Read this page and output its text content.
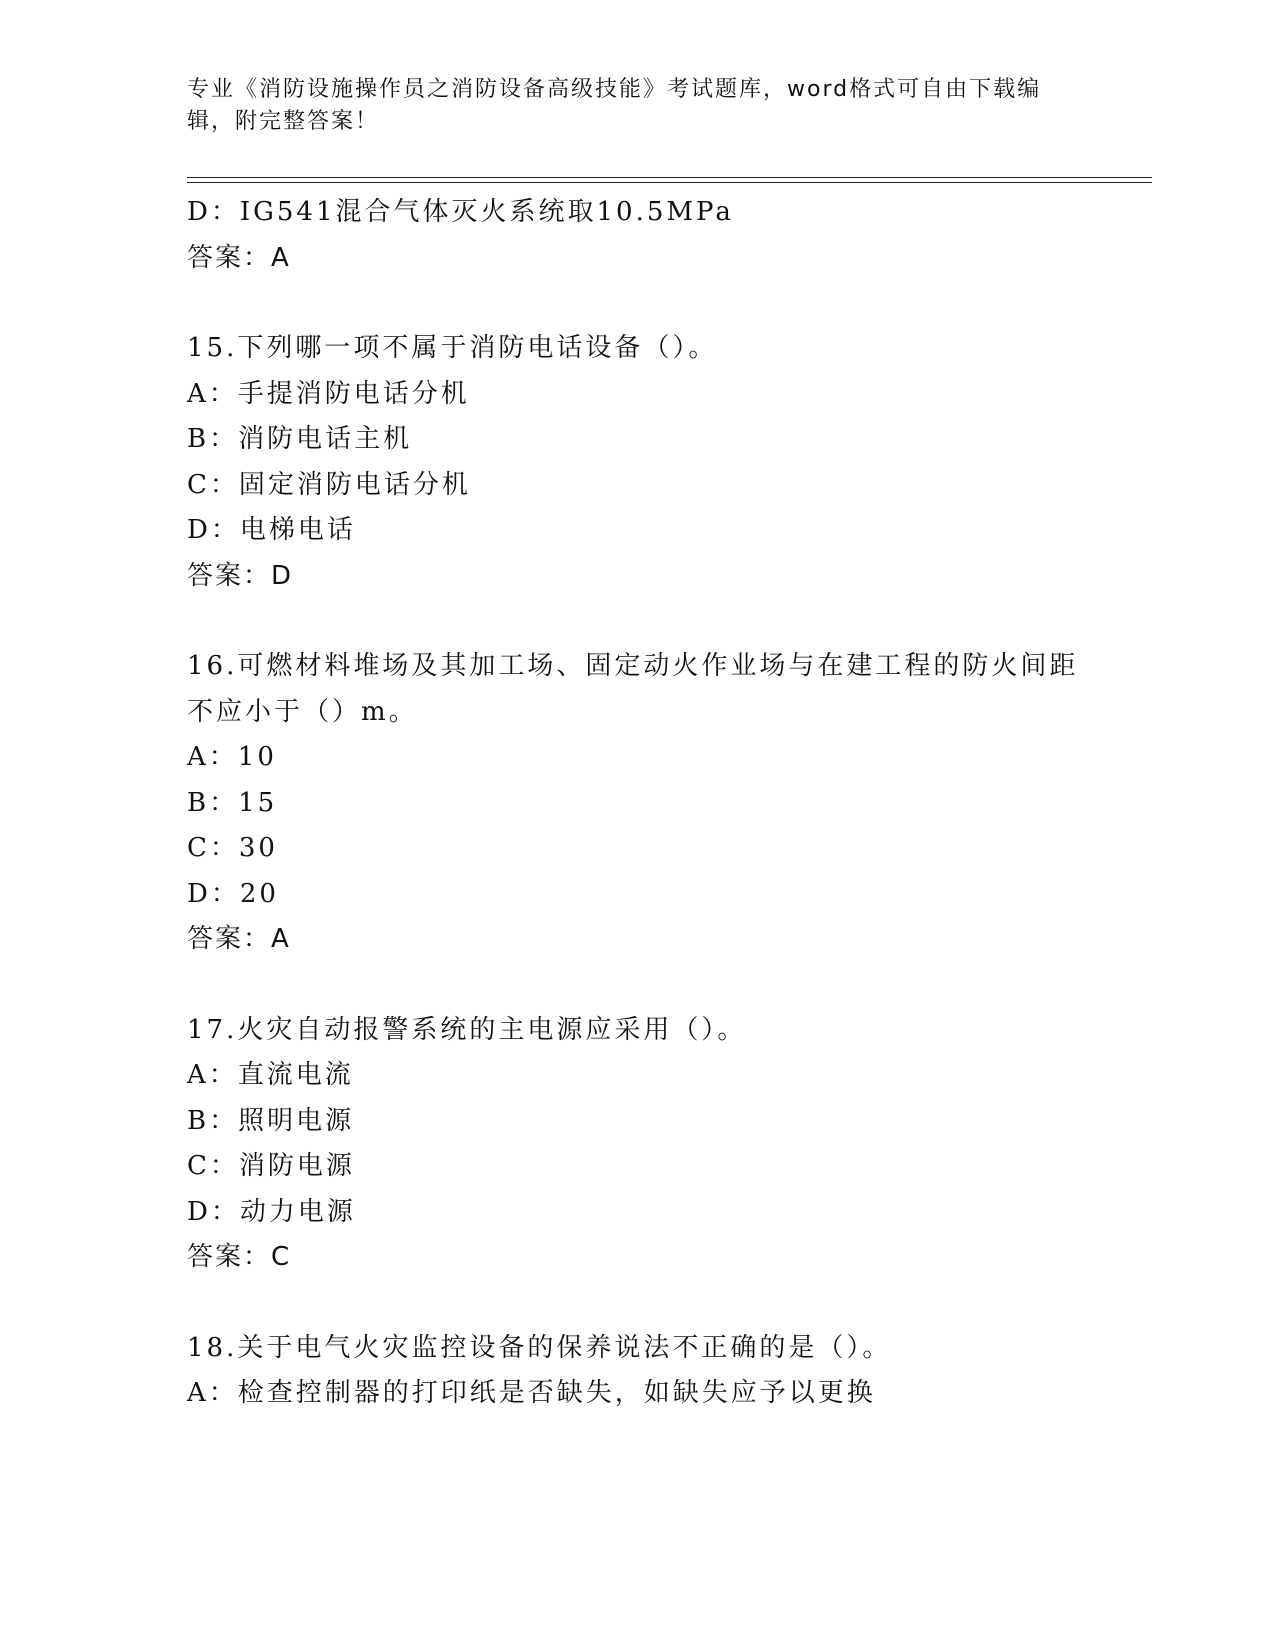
专业《消防设施操作员之消防设备高级技能》考试题库，word格式可自由下载编辑，附完整答案！
D：IG541混合气体灭火系统取10.5MPa
答案：A
15.下列哪一项不属于消防电话设备（）。
A：手提消防电话分机
B：消防电话主机
C：固定消防电话分机
D：电梯电话
答案：D
16.可燃材料堆场及其加工场、固定动火作业场与在建工程的防火间距不应小于（）m。
A：10
B：15
C：30
D：20
答案：A
17.火灾自动报警系统的主电源应采用（）。
A：直流电流
B：照明电源
C：消防电源
D：动力电源
答案：C
18.关于电气火灾监控设备的保养说法不正确的是（）。
A：检查控制器的打印纸是否缺失，如缺失应予以更换
